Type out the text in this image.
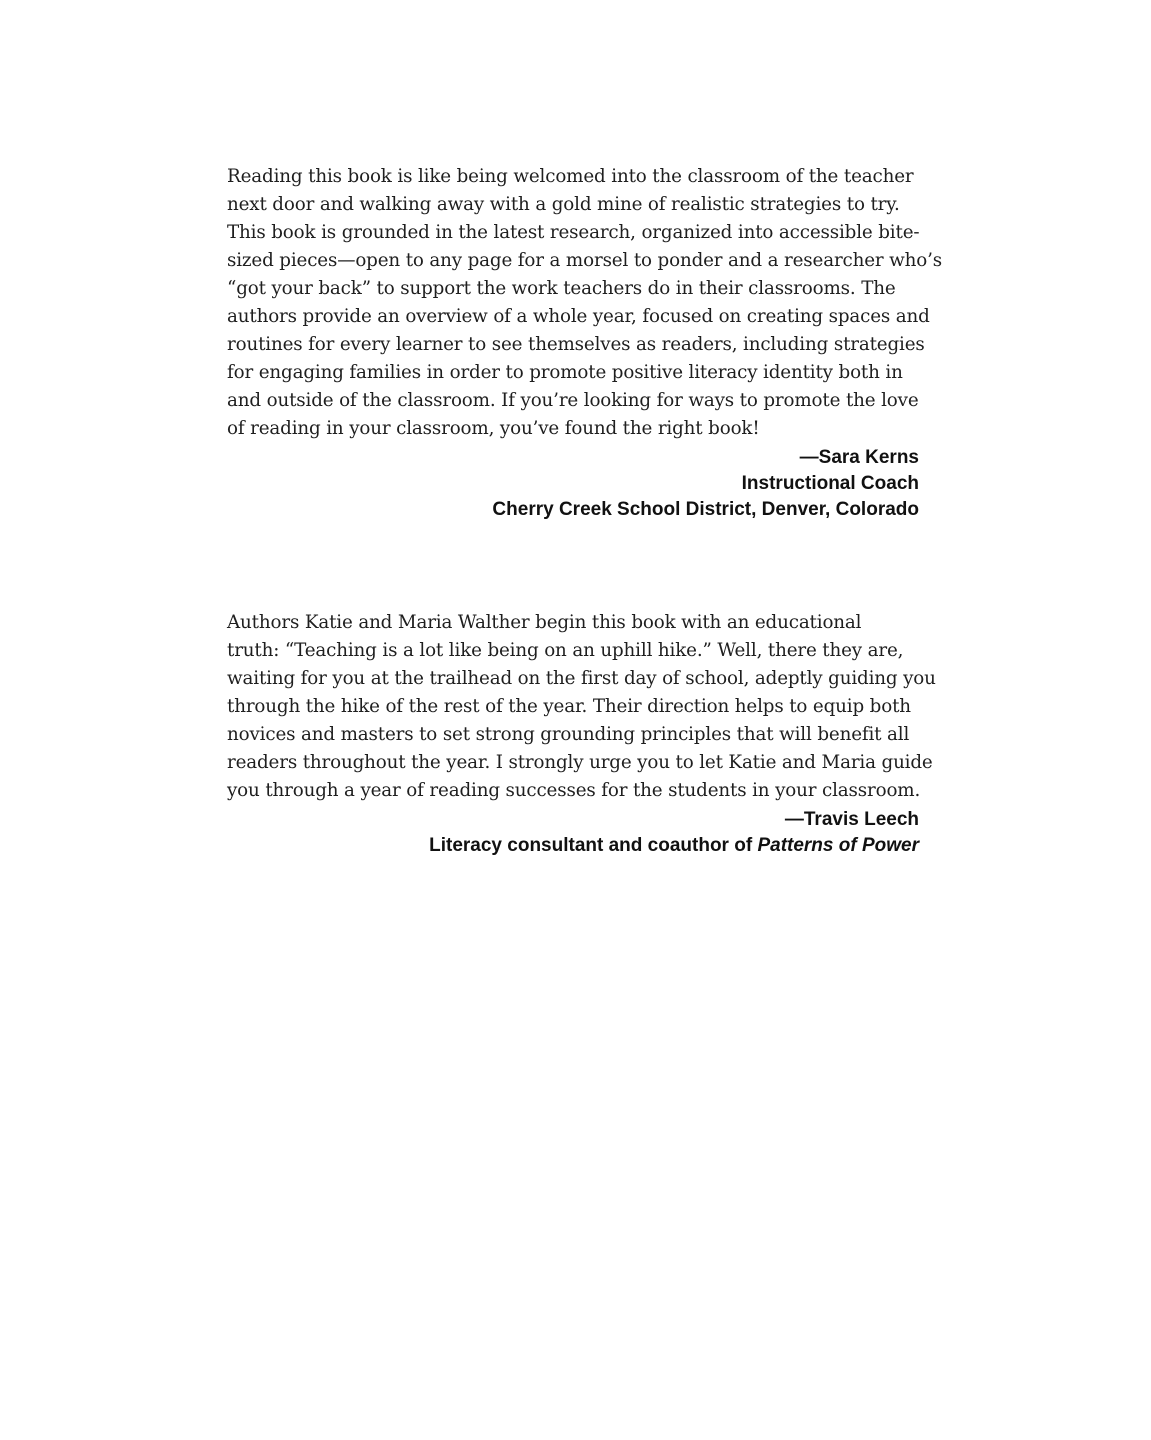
Reading this book is like being welcomed into the classroom of the teacher
next door and walking away with a gold mine of realistic strategies to try.
This book is grounded in the latest research, organized into accessible bite-
sized pieces—open to any page for a morsel to ponder and a researcher who’s
“got your back” to support the work teachers do in their classrooms. The
authors provide an overview of a whole year, focused on creating spaces and
routines for every learner to see themselves as readers, including strategies
for engaging families in order to promote positive literacy identity both in
and outside of the classroom. If you’re looking for ways to promote the love
of reading in your classroom, you’ve found the right book!
—Sara Kerns
Instructional Coach
Cherry Creek School District, Denver, Colorado
Authors Katie and Maria Walther begin this book with an educational
truth: “Teaching is a lot like being on an uphill hike.” Well, there they are,
waiting for you at the trailhead on the first day of school, adeptly guiding you
through the hike of the rest of the year. Their direction helps to equip both
novices and masters to set strong grounding principles that will benefit all
readers throughout the year. I strongly urge you to let Katie and Maria guide
you through a year of reading successes for the students in your classroom.
—Travis Leech
Literacy consultant and coauthor of Patterns of Power
